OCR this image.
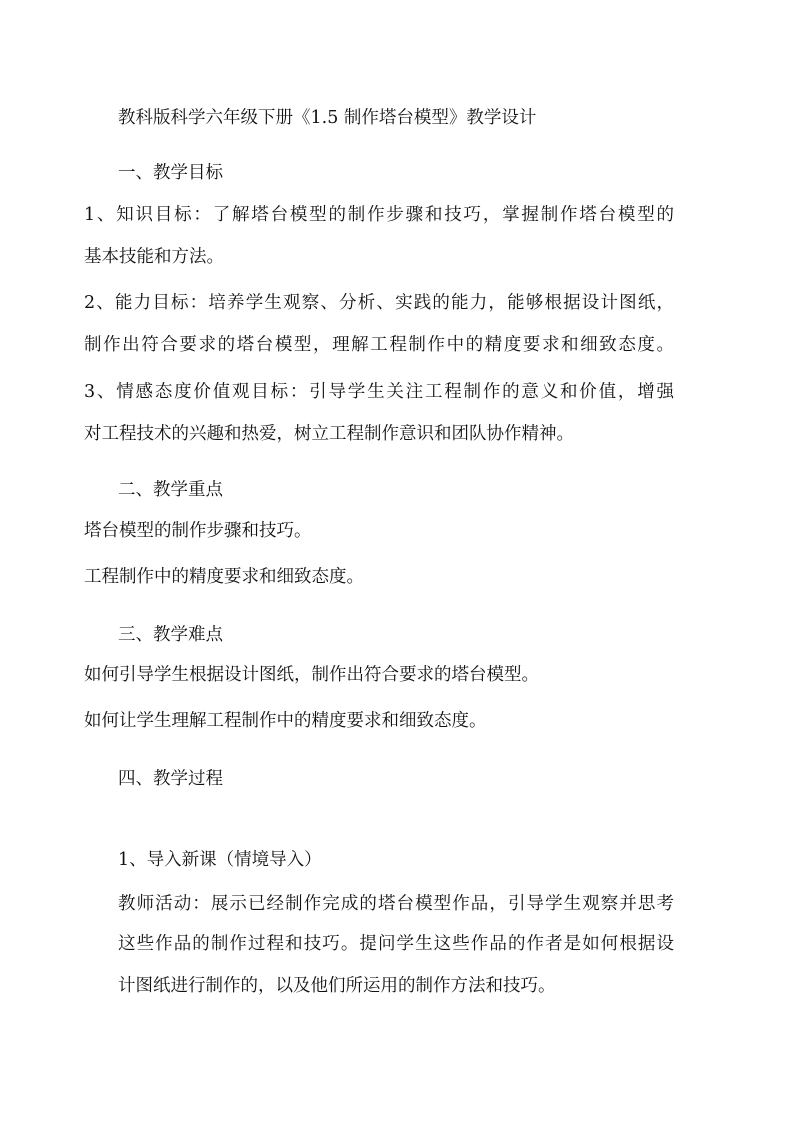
教科版科学六年级下册《1.5 制作塔台模型》教学设计

一、教学目标

1、知识目标：了解塔台模型的制作步骤和技巧，掌握制作塔台模型的

基本技能和方法。

2、能力目标：培养学生观察、分析、实践的能力，能够根据设计图纸，

制作出符合要求的塔台模型，理解工程制作中的精度要求和细致态度。

3、情感态度价值观目标：引导学生关注工程制作的意义和价值，增强

对工程技术的兴趣和热爱，树立工程制作意识和团队协作精神。

二、教学重点

塔台模型的制作步骤和技巧。

工程制作中的精度要求和细致态度。

三、教学难点

如何引导学生根据设计图纸，制作出符合要求的塔台模型。

如何让学生理解工程制作中的精度要求和细致态度。

四、教学过程

1、导入新课（情境导入）

教师活动：展示已经制作完成的塔台模型作品，引导学生观察并思考

这些作品的制作过程和技巧。提问学生这些作品的作者是如何根据设

计图纸进行制作的，以及他们所运用的制作方法和技巧。
